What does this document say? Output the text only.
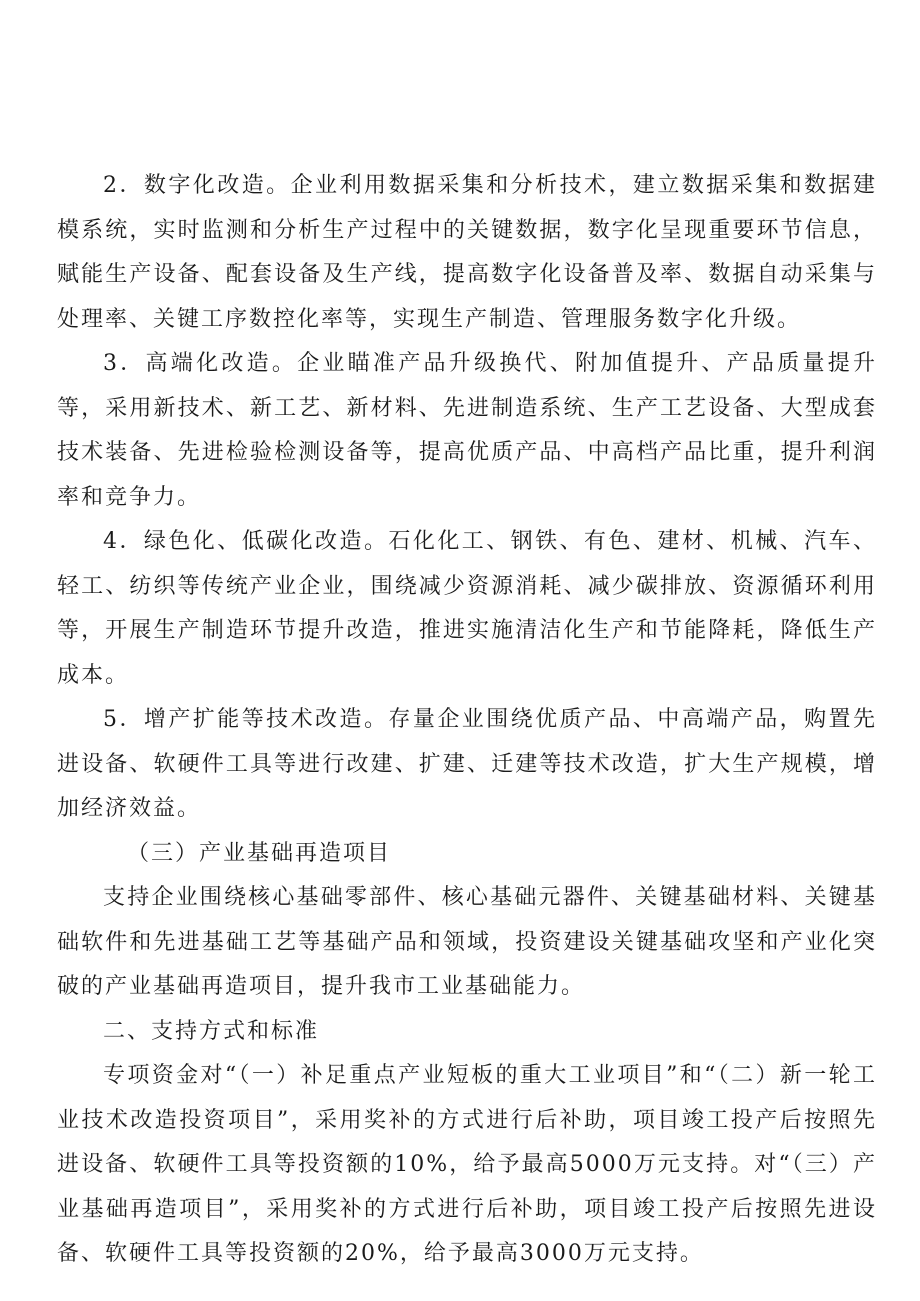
2．数字化改造。企业利用数据采集和分析技术，建立数据采集和数据建模系统，实时监测和分析生产过程中的关键数据，数字化呈现重要环节信息，赋能生产设备、配套设备及生产线，提高数字化设备普及率、数据自动采集与处理率、关键工序数控化率等，实现生产制造、管理服务数字化升级。

3．高端化改造。企业瞄准产品升级换代、附加值提升、产品质量提升等，采用新技术、新工艺、新材料、先进制造系统、生产工艺设备、大型成套技术装备、先进检验检测设备等，提高优质产品、中高档产品比重，提升利润率和竞争力。

4．绿色化、低碳化改造。石化化工、钢铁、有色、建材、机械、汽车、轻工、纺织等传统产业企业，围绕减少资源消耗、减少碳排放、资源循环利用等，开展生产制造环节提升改造，推进实施清洁化生产和节能降耗，降低生产成本。

5．增产扩能等技术改造。存量企业围绕优质产品、中高端产品，购置先进设备、软硬件工具等进行改建、扩建、迁建等技术改造，扩大生产规模，增加经济效益。

（三）产业基础再造项目

支持企业围绕核心基础零部件、核心基础元器件、关键基础材料、关键基础软件和先进基础工艺等基础产品和领域，投资建设关键基础攻坚和产业化突破的产业基础再造项目，提升我市工业基础能力。

二、支持方式和标准

专项资金对“（一）补足重点产业短板的重大工业项目”和“（二）新一轮工业技术改造投资项目”，采用奖补的方式进行后补助，项目竣工投产后按照先进设备、软硬件工具等投资额的10%，给予最高5000万元支持。对“（三）产业基础再造项目”，采用奖补的方式进行后补助，项目竣工投产后按照先进设备、软硬件工具等投资额的20%，给予最高3000万元支持。
